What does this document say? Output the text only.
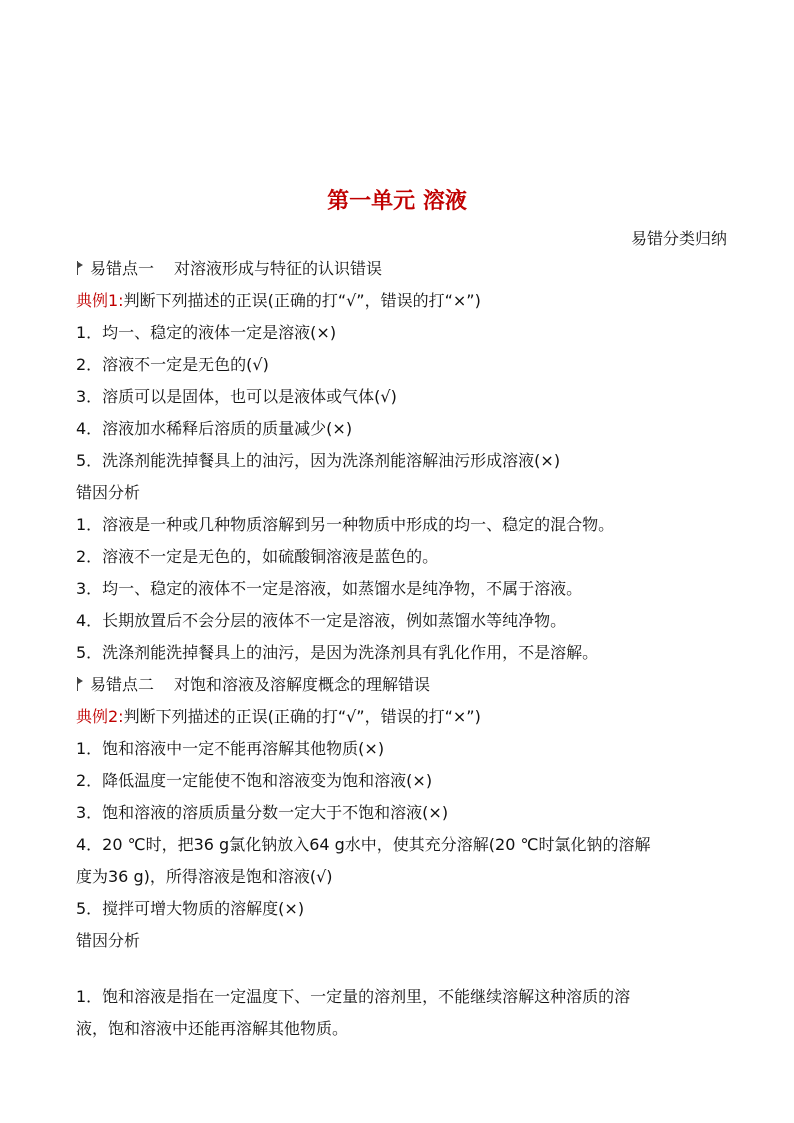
第一单元 溶液
易错分类归纳
易错点一 对溶液形成与特征的认识错误
典例1:判断下列描述的正误(正确的打“√”，错误的打“×”)
1．均一、稳定的液体一定是溶液(×)
2．溶液不一定是无色的(√)
3．溶质可以是固体，也可以是液体或气体(√)
4．溶液加水稀释后溶质的质量减少(×)
5．洗涤剂能洗掉餐具上的油污，因为洗涤剂能溶解油污形成溶液(×)
错因分析
1．溶液是一种或几种物质溶解到另一种物质中形成的均一、稳定的混合物。
2．溶液不一定是无色的，如硫酸铜溶液是蓝色的。
3．均一、稳定的液体不一定是溶液，如蒸馏水是纯净物，不属于溶液。
4．长期放置后不会分层的液体不一定是溶液，例如蒸馏水等纯净物。
5．洗涤剂能洗掉餐具上的油污，是因为洗涤剂具有乳化作用，不是溶解。
易错点二 对饱和溶液及溶解度概念的理解错误
典例2:判断下列描述的正误(正确的打“√”，错误的打“×”)
1．饱和溶液中一定不能再溶解其他物质(×)
2．降低温度一定能使不饱和溶液变为饱和溶液(×)
3．饱和溶液的溶质质量分数一定大于不饱和溶液(×)
4．20 ℃时，把36 g氯化钠放入64 g水中，使其充分溶解(20 ℃时氯化钠的溶解
度为36 g)，所得溶液是饱和溶液(√)
5．搅拌可增大物质的溶解度(×)
错因分析
1．饱和溶液是指在一定温度下、一定量的溶剂里，不能继续溶解这种溶质的溶
液，饱和溶液中还能再溶解其他物质。
